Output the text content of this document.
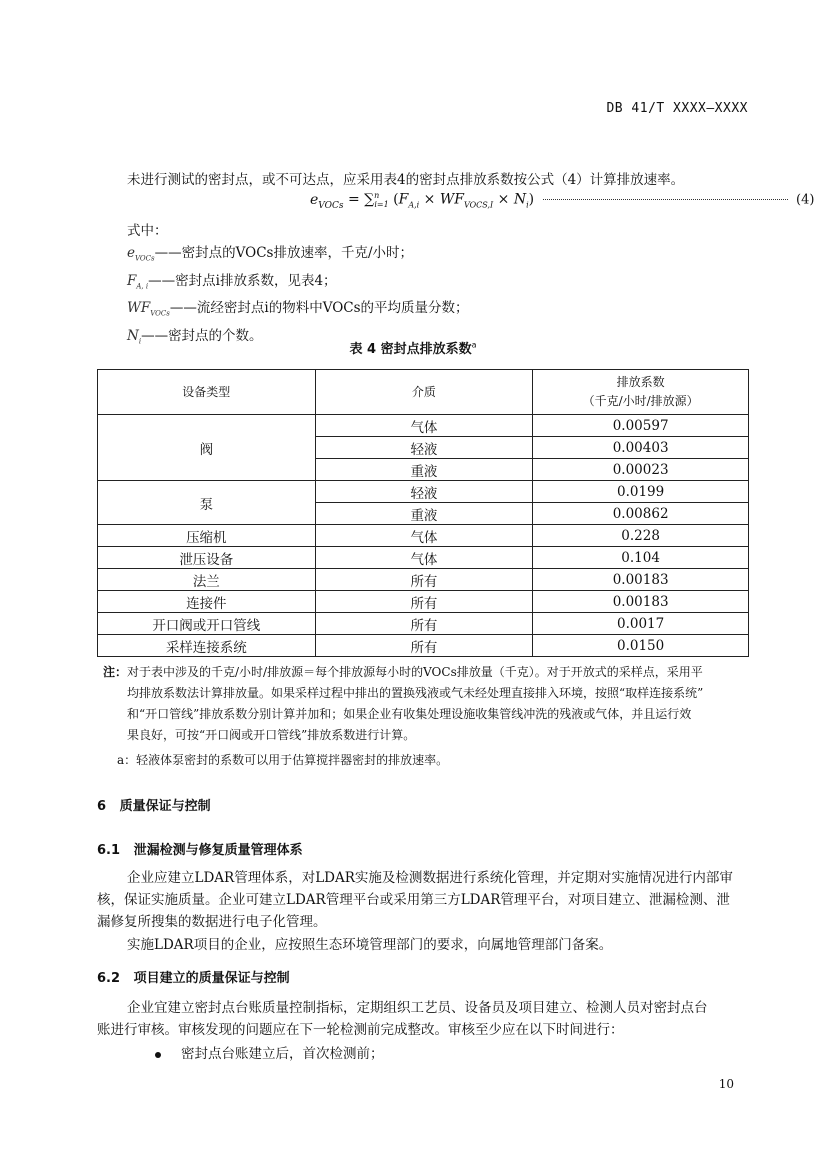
DB 41/T XXXX—XXXX
未进行测试的密封点，或不可达点，应采用表4的密封点排放系数按公式（4）计算排放速率。
$e_{VOCs} = \sum^n_{i=1}$ $(F_{A,i} \times WF_{VOCS,I} \times N_i)$	(4)
式中：
$e_{VOCs}——$密封点的VOCs排放速率，千克/小时；
$F_{A, i}——$密封点i排放系数，见表4；
$WF_{VOCs}——$流经密封点i的物料中VOCs的平均质量分数；
$N_i——$密封点的个数。
表 4 密封点排放系数$^a$
设备类型	介质	排放系数
（千克/小时/排放源）

阀	气体	0.00597
	轻液	0.00403
	重液	0.00023
泵	轻液	0.0199
	重液	0.00862
压缩机	气体	0.228
泄压设备	气体	0.104
法兰	所有	0.00183
连接件	所有	0.00183
开口阀或开口管线	所有	0.0017
采样连接系统	所有	0.0150
注：对于表中涉及的千克/小时/排放源＝每个排放源每小时的VOCs排放量（千克）。对于开放式的采样点，采用平
均排放系数法计算排放量。如果采样过程中排出的置换残液或气未经处理直接排入环境，按照“取样连接系统”
和“开口管线”排放系数分别计算并加和；如果企业有收集处理设施收集管线冲洗的残液或气体，并且运行效
果良好，可按“开口阀或开口管线”排放系数进行计算。
a：轻液体泵密封的系数可以用于估算搅拌器密封的排放速率。
6 质量保证与控制
6.1 泄漏检测与修复质量管理体系
企业应建立LDAR管理体系，对LDAR实施及检测数据进行系统化管理，并定期对实施情况进行内部审
核，保证实施质量。企业可建立LDAR管理平台或采用第三方LDAR管理平台，对项目建立、泄漏检测、泄
漏修复所搜集的数据进行电子化管理。
实施LDAR项目的企业，应按照生态环境管理部门的要求，向属地管理部门备案。
6.2 项目建立的质量保证与控制
企业宜建立密封点台账质量控制指标，定期组织工艺员、设备员及项目建立、检测人员对密封点台
账进行审核。审核发现的问题应在下一轮检测前完成整改。审核至少应在以下时间进行：
密封点台账建立后，首次检测前；
10
